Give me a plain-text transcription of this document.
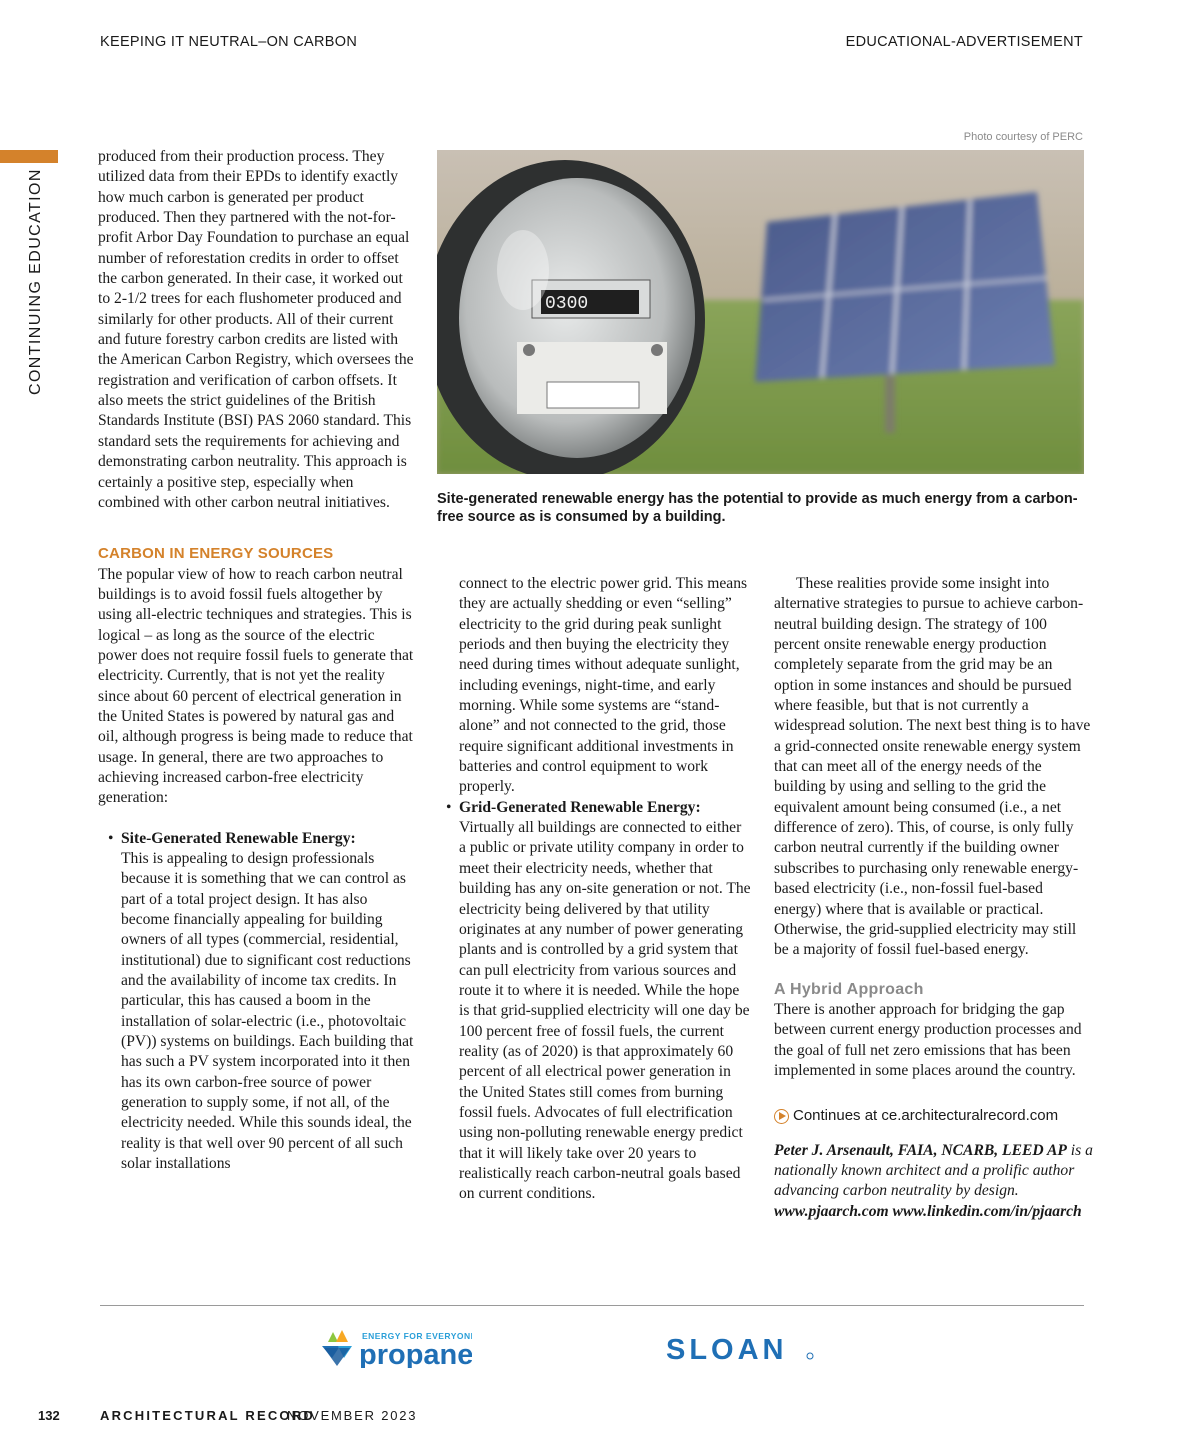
KEEPING IT NEUTRAL–ON CARBON	EDUCATIONAL-ADVERTISEMENT
CONTINUING EDUCATION
Photo courtesy of PERC
0300
Site-generated renewable energy has the potential to provide as much energy from a carbon-free source as is consumed by a building.

produced from their production process. They utilized data from their EPDs to identify exactly how much carbon is generated per product produced. Then they partnered with the not-for-profit Arbor Day Foundation to purchase an equal number of reforestation credits in order to offset the carbon generated. In their case, it worked out to 2-1/2 trees for each flushometer produced and similarly for other products. All of their current and future forestry carbon credits are listed with the American Carbon Registry, which oversees the registration and verification of carbon offsets. It also meets the strict guidelines of the British Standards Institute (BSI) PAS 2060 standard. This standard sets the requirements for achieving and demonstrating carbon neutrality. This approach is certainly a positive step, especially when combined with other carbon neutral initiatives.

CARBON IN ENERGY SOURCES

The popular view of how to reach carbon neutral buildings is to avoid fossil fuels altogether by using all-electric techniques and strategies. This is logical – as long as the source of the electric power does not require fossil fuels to generate that electricity. Currently, that is not yet the reality since about 60 percent of electrical generation in the United States is powered by natural gas and oil, although progress is being made to reduce that usage. In general, there are two approaches to achieving increased carbon-free electricity generation:

• Site-Generated Renewable Energy:
This is appealing to design professionals because it is something that we can control as part of a total project design. It has also become financially appealing for building owners of all types (commercial, residential, institutional) due to significant cost reductions and the availability of income tax credits. In particular, this has caused a boom in the installation of solar-electric (i.e., photovoltaic (PV)) systems on buildings. Each building that has such a PV system incorporated into it then has its own carbon-free source of power generation to supply some, if not all, of the electricity needed. While this sounds ideal, the reality is that well over 90 percent of all such solar installations

connect to the electric power grid. This means they are actually shedding or even “selling” electricity to the grid during peak sunlight periods and then buying the electricity they need during times without adequate sunlight, including evenings, night-time, and early morning. While some systems are “stand-alone” and not connected to the grid, those require significant additional investments in batteries and control equipment to work properly.

• Grid-Generated Renewable Energy:
Virtually all buildings are connected to either a public or private utility company in order to meet their electricity needs, whether that building has any on-site generation or not. The electricity being delivered by that utility originates at any number of power generating plants and is controlled by a grid system that can pull electricity from various sources and route it to where it is needed. While the hope is that grid-supplied electricity will one day be 100 percent free of fossil fuels, the current reality (as of 2020) is that approximately 60 percent of all electrical power generation in the United States still comes from burning fossil fuels. Advocates of full electrification using non-polluting renewable energy predict that it will likely take over 20 years to realistically reach carbon-neutral goals based on current conditions.

These realities provide some insight into alternative strategies to pursue to achieve carbon-neutral building design. The strategy of 100 percent onsite renewable energy production completely separate from the grid may be an option in some instances and should be pursued where feasible, but that is not currently a widespread solution. The next best thing is to have a grid-connected onsite renewable energy system that can meet all of the energy needs of the building by using and selling to the grid the equivalent amount being consumed (i.e., a net difference of zero). This, of course, is only fully carbon neutral currently if the building owner subscribes to purchasing only renewable energy-based electricity (i.e., non-fossil fuel-based energy) where that is available or practical. Otherwise, the grid-supplied electricity may still be a majority of fossil fuel-based energy.

A Hybrid Approach

There is another approach for bridging the gap between current energy production processes and the goal of full net zero emissions that has been implemented in some places around the country.

Continues at ce.architecturalrecord.com

Peter J. Arsenault, FAIA, NCARB, LEED AP is a nationally known architect and a prolific author advancing carbon neutrality by design.
www.pjaarch.com www.linkedin.com/in/pjaarch

ENERGY FOR EVERYONE
propane	SLOAN
132	ARCHITECTURAL RECORD
NOVEMBER 2023
